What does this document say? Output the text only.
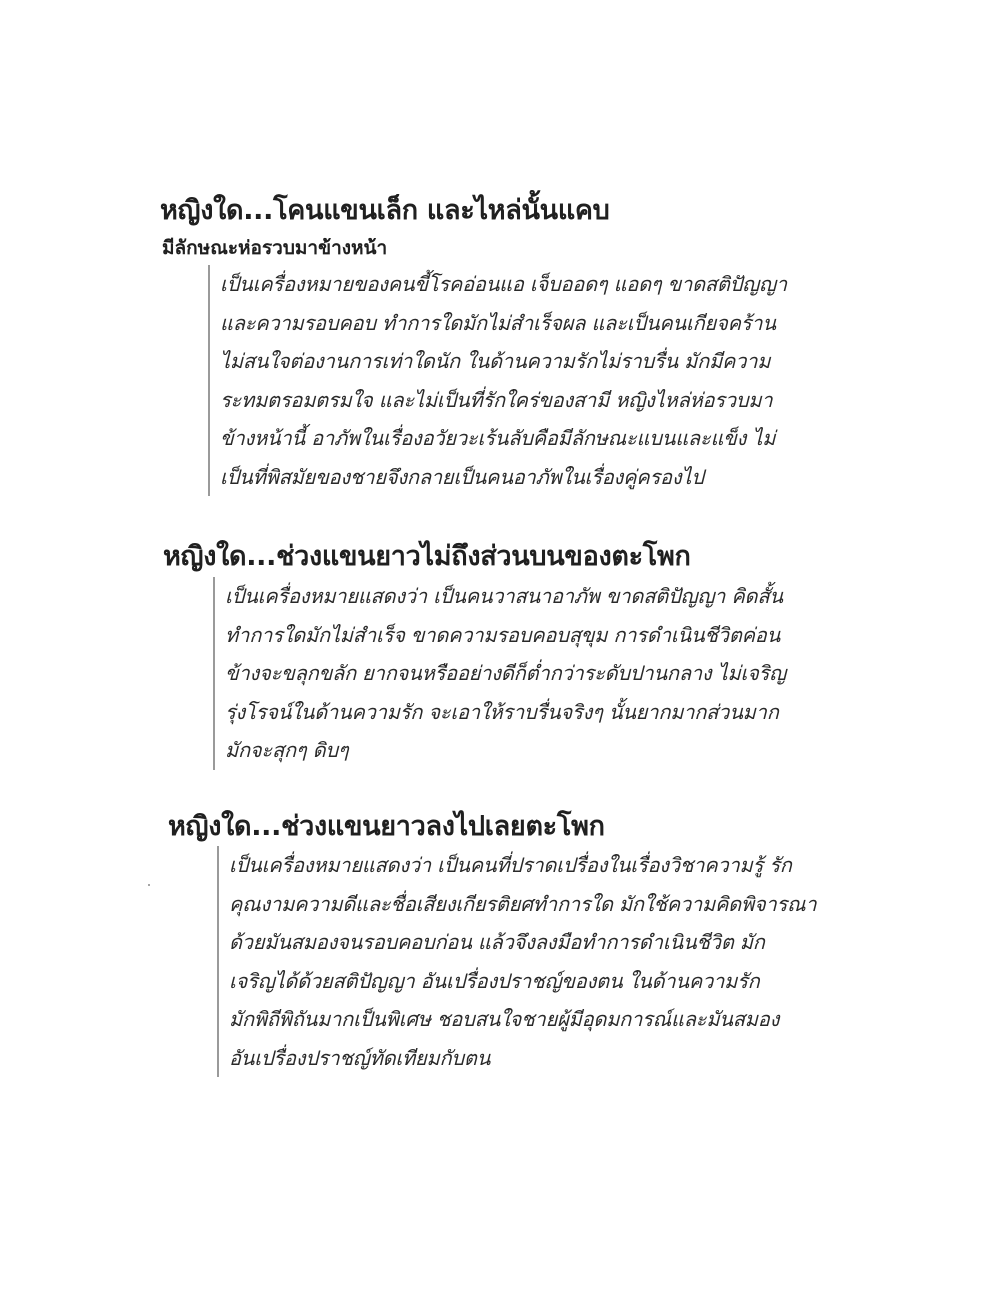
หญิงใด...โคนแขนเล็ก และไหล่นั้นแคบ
มีลักษณะห่อรวบมาข้างหน้า
เป็นเครื่องหมายของคนขี้โรคอ่อนแอ เจ็บออดๆ แอดๆ ขาดสติปัญญา
และความรอบคอบ ทำการใดมักไม่สำเร็จผล และเป็นคนเกียจคร้าน
ไม่สนใจต่องานการเท่าใดนัก ในด้านความรักไม่ราบรื่น มักมีความ
ระทมตรอมตรมใจ และไม่เป็นที่รักใคร่ของสามี หญิงไหล่ห่อรวบมา
ข้างหน้านี้ อาภัพในเรื่องอวัยวะเร้นลับคือมีลักษณะแบนและแข็ง ไม่
เป็นที่พิสมัยของชายจึงกลายเป็นคนอาภัพในเรื่องคู่ครองไป
หญิงใด...ช่วงแขนยาวไม่ถึงส่วนบนของตะโพก
เป็นเครื่องหมายแสดงว่า เป็นคนวาสนาอาภัพ ขาดสติปัญญา คิดสั้น
ทำการใดมักไม่สำเร็จ ขาดความรอบคอบสุขุม การดำเนินชีวิตค่อน
ข้างจะขลุกขลัก ยากจนหรืออย่างดีก็ต่ำกว่าระดับปานกลาง ไม่เจริญ
รุ่งโรจน์ในด้านความรัก จะเอาให้ราบรื่นจริงๆ นั้นยากมากส่วนมาก
มักจะสุกๆ ดิบๆ
หญิงใด...ช่วงแขนยาวลงไปเลยตะโพก
เป็นเครื่องหมายแสดงว่า เป็นคนที่ปราดเปรื่องในเรื่องวิชาความรู้ รัก
คุณงามความดีและชื่อเสียงเกียรติยศทำการใด มักใช้ความคิดพิจารณา
ด้วยมันสมองจนรอบคอบก่อน แล้วจึงลงมือทำการดำเนินชีวิต มัก
เจริญได้ด้วยสติปัญญา อันเปรื่องปราชญ์ของตน ในด้านความรัก
มักพิถีพิถันมากเป็นพิเศษ ชอบสนใจชายผู้มีอุดมการณ์และมันสมอง
อันเปรื่องปราชญ์ทัดเทียมกับตน
